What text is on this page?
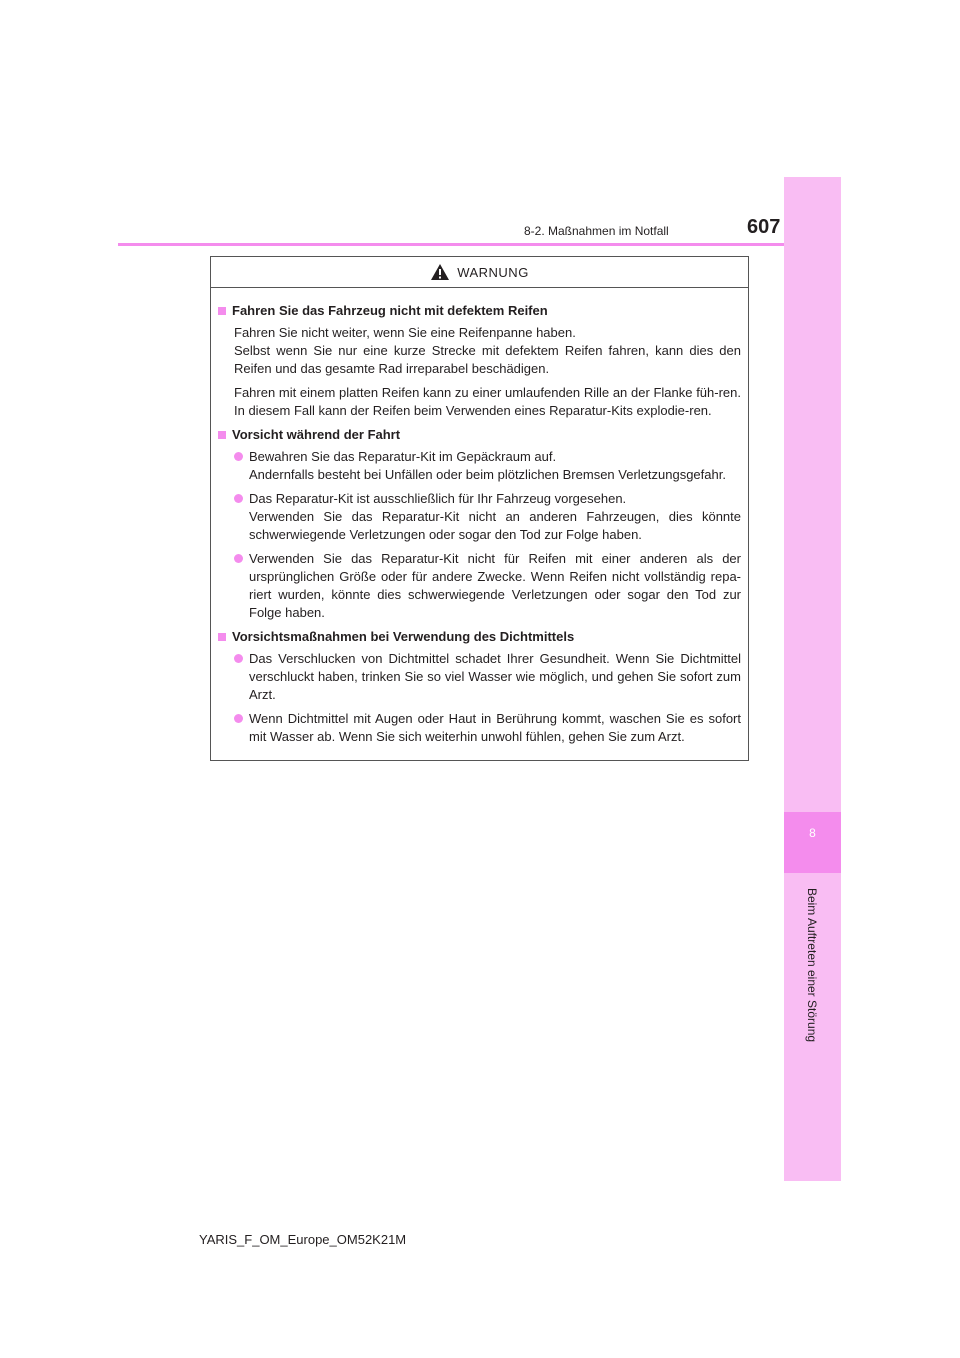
8-2. Maßnahmen im Notfall	607
8
Beim Auftreten einer Störung
WARNUNG
Fahren Sie das Fahrzeug nicht mit defektem Reifen
Fahren Sie nicht weiter, wenn Sie eine Reifenpanne haben.
Selbst wenn Sie nur eine kurze Strecke mit defektem Reifen fahren, kann dies den Reifen und das gesamte Rad irreparabel beschädigen.
Fahren mit einem platten Reifen kann zu einer umlaufenden Rille an der Flanke füh-ren. In diesem Fall kann der Reifen beim Verwenden eines Reparatur-Kits explodie-ren.
Vorsicht während der Fahrt
Bewahren Sie das Reparatur-Kit im Gepäckraum auf.
Andernfalls besteht bei Unfällen oder beim plötzlichen Bremsen Verletzungsgefahr.
Das Reparatur-Kit ist ausschließlich für Ihr Fahrzeug vorgesehen.
Verwenden Sie das Reparatur-Kit nicht an anderen Fahrzeugen, dies könnte schwerwiegende Verletzungen oder sogar den Tod zur Folge haben.
Verwenden Sie das Reparatur-Kit nicht für Reifen mit einer anderen als der ursprünglichen Größe oder für andere Zwecke. Wenn Reifen nicht vollständig repa-riert wurden, könnte dies schwerwiegende Verletzungen oder sogar den Tod zur Folge haben.
Vorsichtsmaßnahmen bei Verwendung des Dichtmittels
Das Verschlucken von Dichtmittel schadet Ihrer Gesundheit. Wenn Sie Dichtmittel verschluckt haben, trinken Sie so viel Wasser wie möglich, und gehen Sie sofort zum Arzt.
Wenn Dichtmittel mit Augen oder Haut in Berührung kommt, waschen Sie es sofort mit Wasser ab. Wenn Sie sich weiterhin unwohl fühlen, gehen Sie zum Arzt.
YARIS_F_OM_Europe_OM52K21M
